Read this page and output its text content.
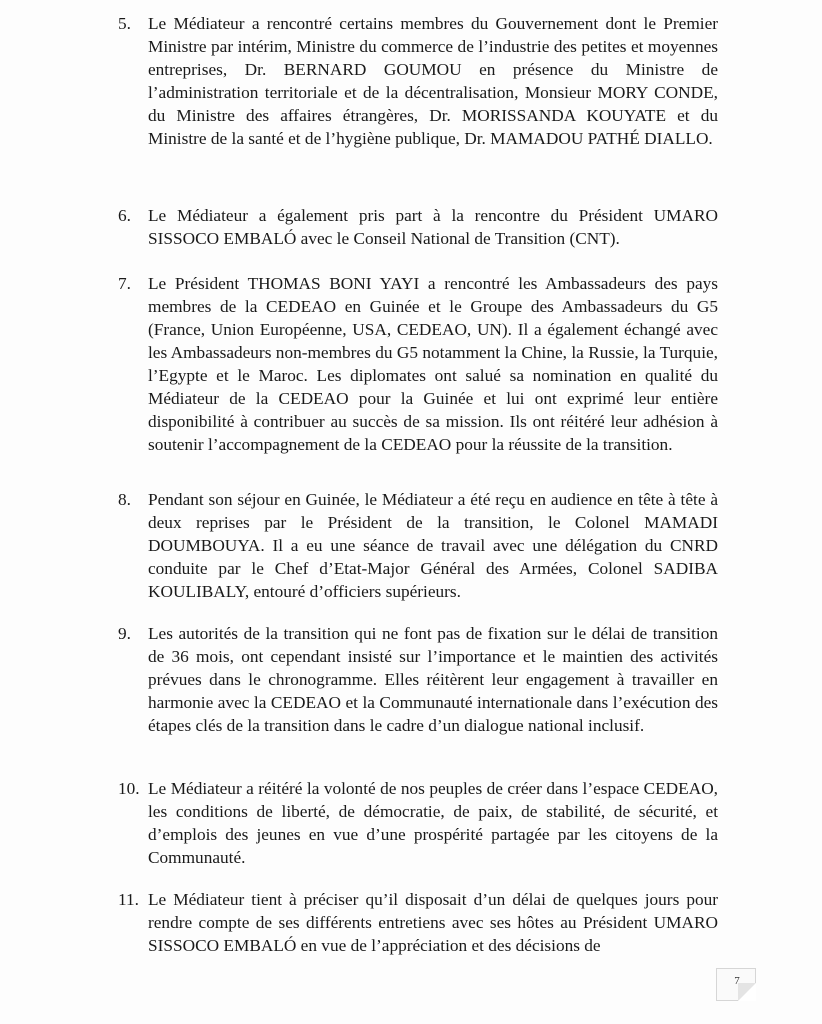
5. Le Médiateur a rencontré certains membres du Gouvernement dont le Premier Ministre par intérim, Ministre du commerce de l’industrie des petites et moyennes entreprises, Dr. BERNARD GOUMOU en présence du Ministre de l’administration territoriale et de la décentralisation, Monsieur MORY CONDE, du Ministre des affaires étrangères, Dr. MORISSANDA KOUYATE et du Ministre de la santé et de l’hygiène publique, Dr. MAMADOU PATHÉ DIALLO.
6. Le Médiateur a également pris part à la rencontre du Président UMARO SISSOCO EMBALÓ avec le Conseil National de Transition (CNT).
7. Le Président THOMAS BONI YAYI a rencontré les Ambassadeurs des pays membres de la CEDEAO en Guinée et le Groupe des Ambassadeurs du G5 (France, Union Européenne, USA, CEDEAO, UN). Il a également échangé avec les Ambassadeurs non-membres du G5 notamment la Chine, la Russie, la Turquie, l’Egypte et le Maroc. Les diplomates ont salué sa nomination en qualité du Médiateur de la CEDEAO pour la Guinée et lui ont exprimé leur entière disponibilité à contribuer au succès de sa mission. Ils ont réitéré leur adhésion à soutenir l’accompagnement de la CEDEAO pour la réussite de la transition.
8. Pendant son séjour en Guinée, le Médiateur a été reçu en audience en tête à tête à deux reprises par le Président de la transition, le Colonel MAMADI DOUMBOUYA. Il a eu une séance de travail avec une délégation du CNRD conduite par le Chef d’Etat-Major Général des Armées, Colonel SADIBA KOULIBALY, entouré d’officiers supérieurs.
9. Les autorités de la transition qui ne font pas de fixation sur le délai de transition de 36 mois, ont cependant insisté sur l’importance et le maintien des activités prévues dans le chronogramme. Elles réitèrent leur engagement à travailler en harmonie avec la CEDEAO et la Communauté internationale dans l’exécution des étapes clés de la transition dans le cadre d’un dialogue national inclusif.
10. Le Médiateur a réitéré la volonté de nos peuples de créer dans l’espace CEDEAO, les conditions de liberté, de démocratie, de paix, de stabilité, de sécurité, et d’emplois des jeunes en vue d’une prospérité partagée par les citoyens de la Communauté.
11. Le Médiateur tient à préciser qu’il disposait d’un délai de quelques jours pour rendre compte de ses différents entretiens avec ses hôtes au Président UMARO SISSOCO EMBALÓ en vue de l’appréciation et des décisions de
7
